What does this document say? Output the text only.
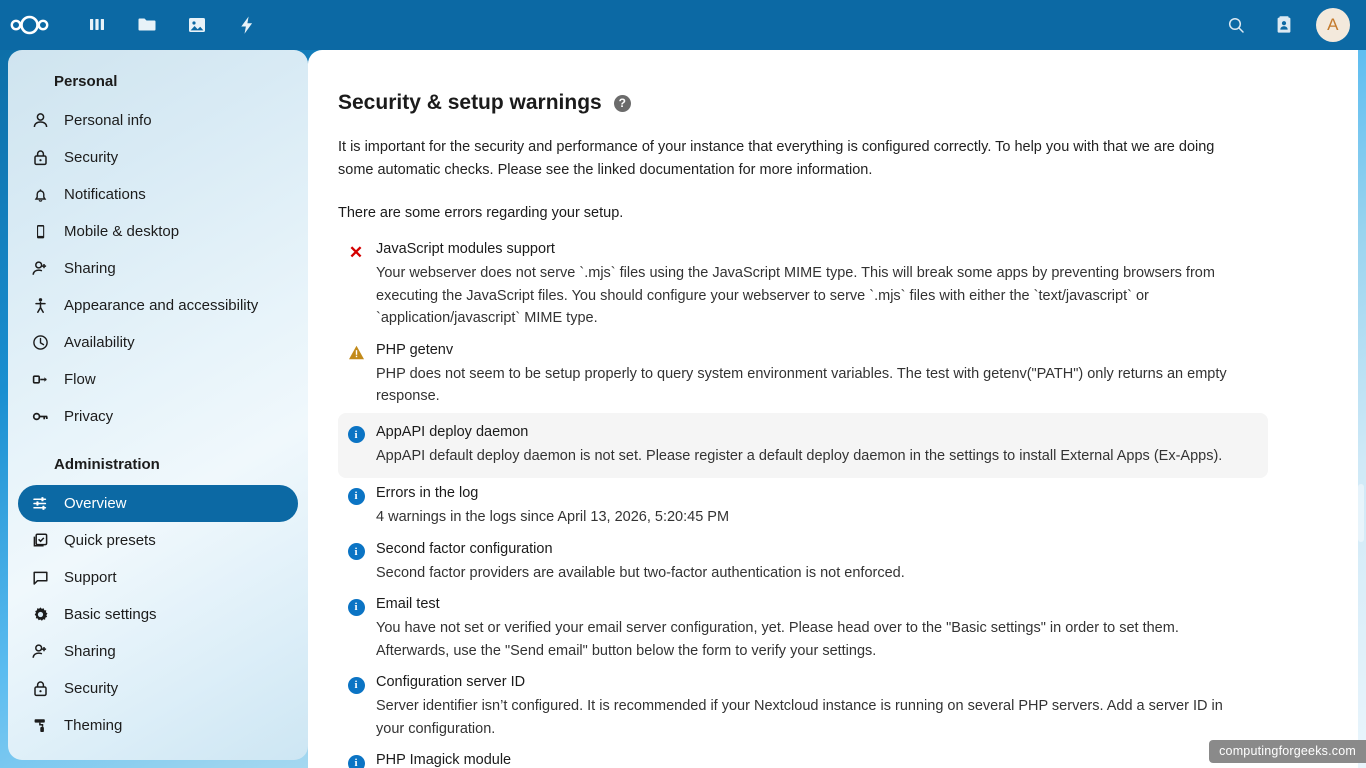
A
Personal
Personal info
Security
Notifications
Mobile & desktop
Sharing
Appearance and accessibility
Availability
Flow
Privacy
Administration
Overview
Quick presets
Support
Basic settings
Sharing
Security
Theming
Security & setup warnings	?

It is important for the security and performance of your instance that everything is configured correctly. To help you with that we are doing some automatic checks. Please see the linked documentation for more information.

There are some errors regarding your setup.

✕ JavaScript modules support
Your webserver does not serve `.mjs` files using the JavaScript MIME type. This will break some apps by preventing browsers from executing the JavaScript files. You should configure your webserver to serve `.mjs` files with either the `text/javascript` or `application/javascript` MIME type.
PHP getenv
PHP does not seem to be setup properly to query system environment variables. The test with getenv("PATH") only returns an empty response.
i	AppAPI deploy daemon
AppAPI default deploy daemon is not set. Please register a default deploy daemon in the settings to install External Apps (Ex-Apps).
i	Errors in the log
4 warnings in the logs since April 13, 2026, 5:20:45 PM
i	Second factor configuration
Second factor providers are available but two-factor authentication is not enforced.
i	Email test
You have not set or verified your email server configuration, yet. Please head over to the "Basic settings" in order to set them. Afterwards, use the "Send email" button below the form to verify your settings.
i	Configuration server ID
Server identifier isn’t configured. It is recommended if your Nextcloud instance is running on several PHP servers. Add a server ID in your configuration.
i	PHP Imagick module
computingforgeeks.com
